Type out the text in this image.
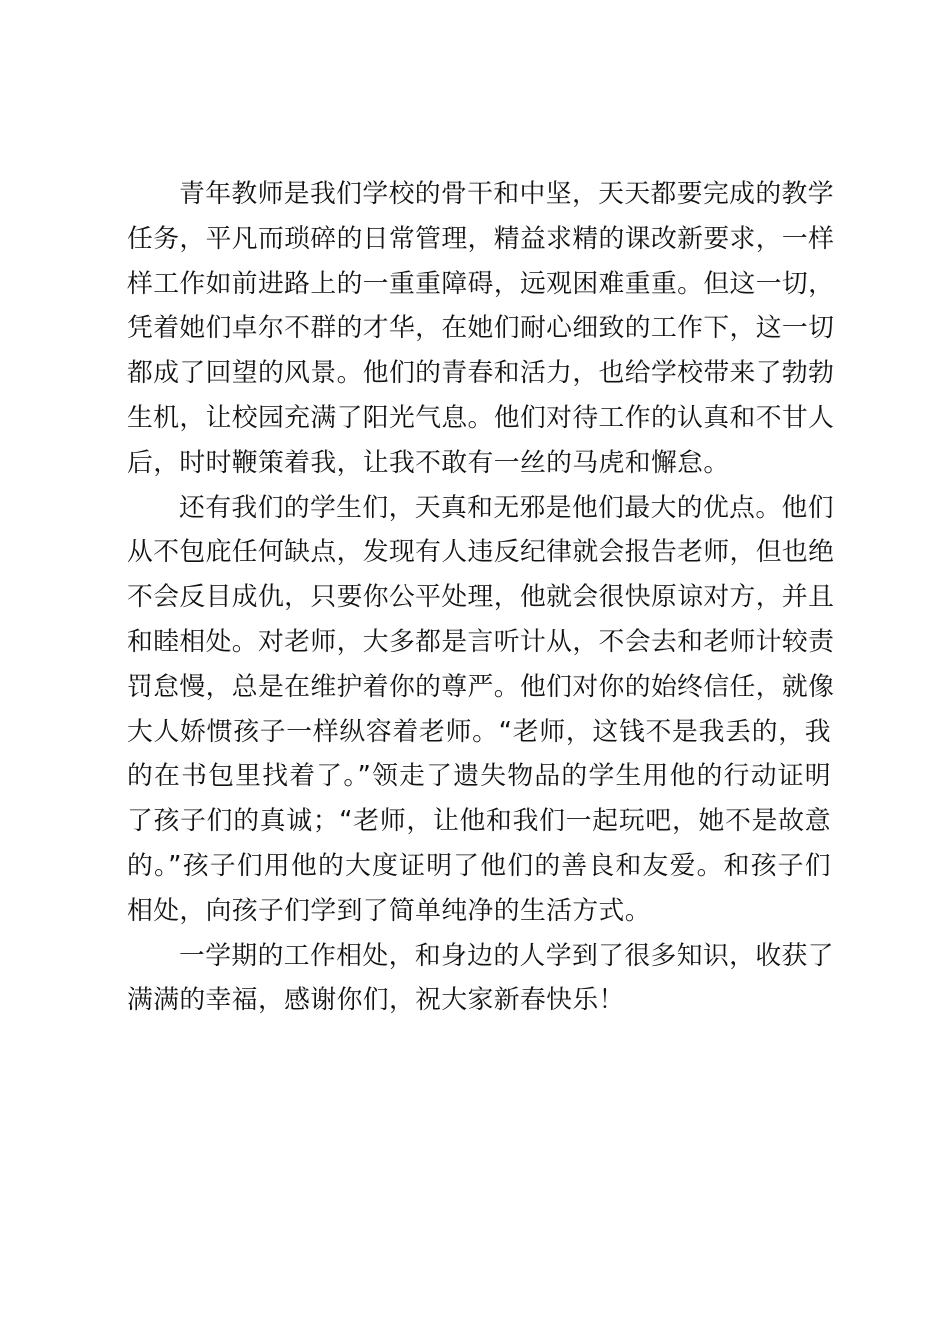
青年教师是我们学校的骨干和中坚，天天都要完成的教学
任务，平凡而琐碎的日常管理，精益求精的课改新要求，一样
样工作如前进路上的一重重障碍，远观困难重重。但这一切，
凭着她们卓尔不群的才华，在她们耐心细致的工作下，这一切
都成了回望的风景。他们的青春和活力，也给学校带来了勃勃
生机，让校园充满了阳光气息。他们对待工作的认真和不甘人
后，时时鞭策着我，让我不敢有一丝的马虎和懈怠。
还有我们的学生们，天真和无邪是他们最大的优点。他们
从不包庇任何缺点，发现有人违反纪律就会报告老师，但也绝
不会反目成仇，只要你公平处理，他就会很快原谅对方，并且
和睦相处。对老师，大多都是言听计从，不会去和老师计较责
罚怠慢，总是在维护着你的尊严。他们对你的始终信任，就像
大人娇惯孩子一样纵容着老师。“老师，这钱不是我丢的，我
的在书包里找着了。”领走了遗失物品的学生用他的行动证明
了孩子们的真诚；“老师，让他和我们一起玩吧，她不是故意
的。”孩子们用他的大度证明了他们的善良和友爱。和孩子们
相处，向孩子们学到了简单纯净的生活方式。
一学期的工作相处，和身边的人学到了很多知识，收获了
满满的幸福，感谢你们，祝大家新春快乐！
